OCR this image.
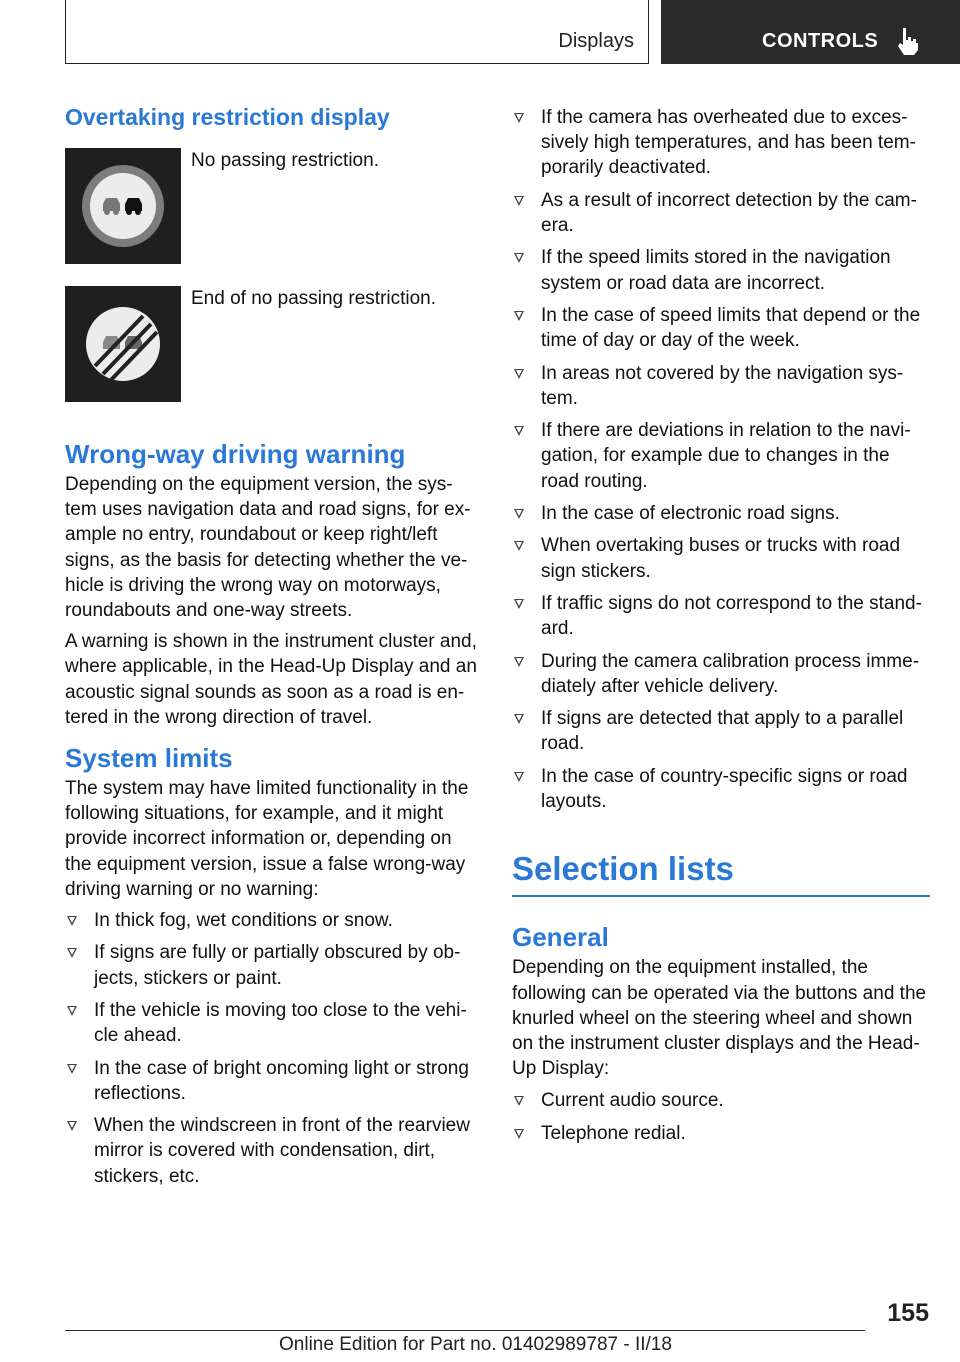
Displays	CONTROLS
Overtaking restriction display
No passing restriction.
End of no passing restriction.
Wrong-way driving warning

Depending on the equipment version, the sys‐ tem uses navigation data and road signs, for ex‐ ample no entry, roundabout or keep right/left signs, as the basis for detecting whether the ve‐ hicle is driving the wrong way on motorways, roundabouts and one-way streets.

A warning is shown in the instrument cluster and, where applicable, in the Head-Up Display and an acoustic signal sounds as soon as a road is en‐ tered in the wrong direction of travel.

System limits

The system may have limited functionality in the following situations, for example, and it might provide incorrect information or, depending on the equipment version, issue a false wrong-way driving warning or no warning:

In thick fog, wet conditions or snow.
If signs are fully or partially obscured by ob‐ jects, stickers or paint.
If the vehicle is moving too close to the vehi‐ cle ahead.
In the case of bright oncoming light or strong reflections.
When the windscreen in front of the rearview mirror is covered with condensation, dirt, stickers, etc.
If the camera has overheated due to exces‐ sively high temperatures, and has been tem‐ porarily deactivated.
As a result of incorrect detection by the cam‐ era.
If the speed limits stored in the navigation system or road data are incorrect.
In the case of speed limits that depend or the time of day or day of the week.
In areas not covered by the navigation sys‐ tem.
If there are deviations in relation to the navi‐ gation, for example due to changes in the road routing.
In the case of electronic road signs.
When overtaking buses or trucks with road sign stickers.
If traffic signs do not correspond to the stand‐ ard.
During the camera calibration process imme‐ diately after vehicle delivery.
If signs are detected that apply to a parallel road.
In the case of country-specific signs or road layouts.
Selection lists
General

Depending on the equipment installed, the following can be operated via the buttons and the knurled wheel on the steering wheel and shown on the instrument cluster displays and the Head-Up Display:

Current audio source.
Telephone redial.
155
Online Edition for Part no. 01402989787 - II/18
